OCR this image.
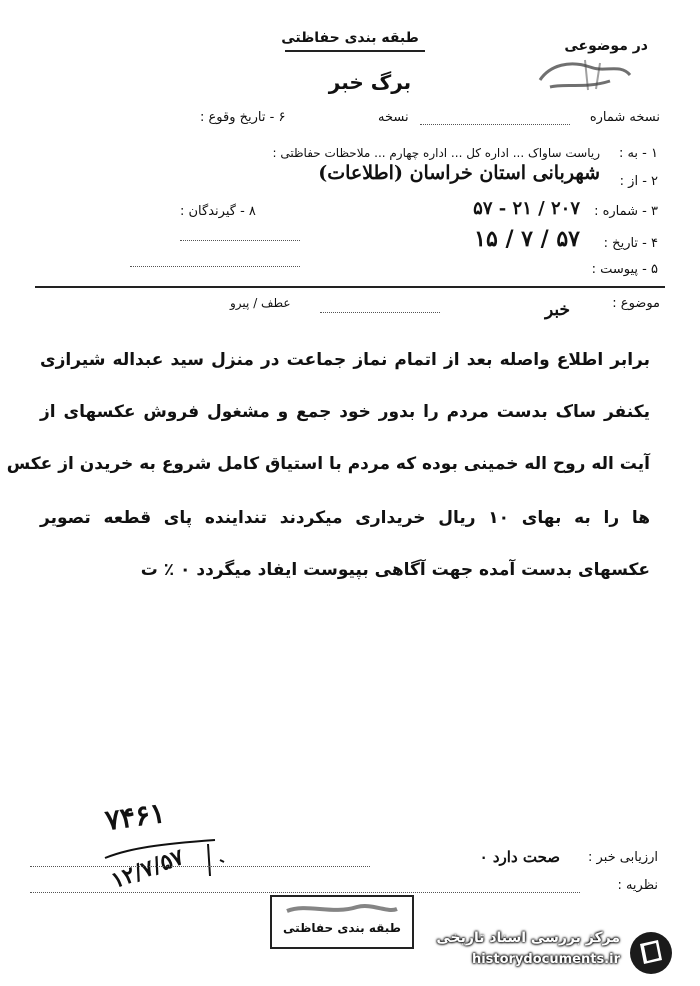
طبقه بندی حفاظتی	در موضوعی
برگ خبر
نسخه شماره
نسخه
۶ - تاریخ وقوع :
۱ - به :
ریاست ساواک ... اداره کل ... اداره چهارم ... ملاحظات حفاظتی :
۲ - از :
شهربانی استان خراسان (اطلاعات)
۳ - شماره :
۲۰۷ / ۲۱ - ۵۷
۸ - گیرندگان :
۴ - تاریخ :
۵۷ / ۷ / ۱۵
۵ - پیوست :
موضوع :
خبر
عطف / پیرو
برابر اطلاع واصله بعد از اتمام نماز جماعت در منزل سید عبداله شیرازی
یکنفر ساک بدست مردم را بدور خود جمع و مشغول فروش عکسهای از
آیت اله روح اله خمینی بوده که مردم با استیاق کامل شروع به خریدن از عکس
ها را به بهای ۱۰ ریال خریداری میکردند تنداینده پای قطعه تصویر
عکسهای بدست آمده جهت آگاهی بپیوست ایفاد میگردد ۰ ٪ ت
۷۴۶۱
۱۲/۷/۵۷	ارزیابی خبر :
صحت دارد ۰
نظریه :
طبقه بندی حفاظتی
مرکز بررسی اسناد تاریخی
historydocuments.ir
